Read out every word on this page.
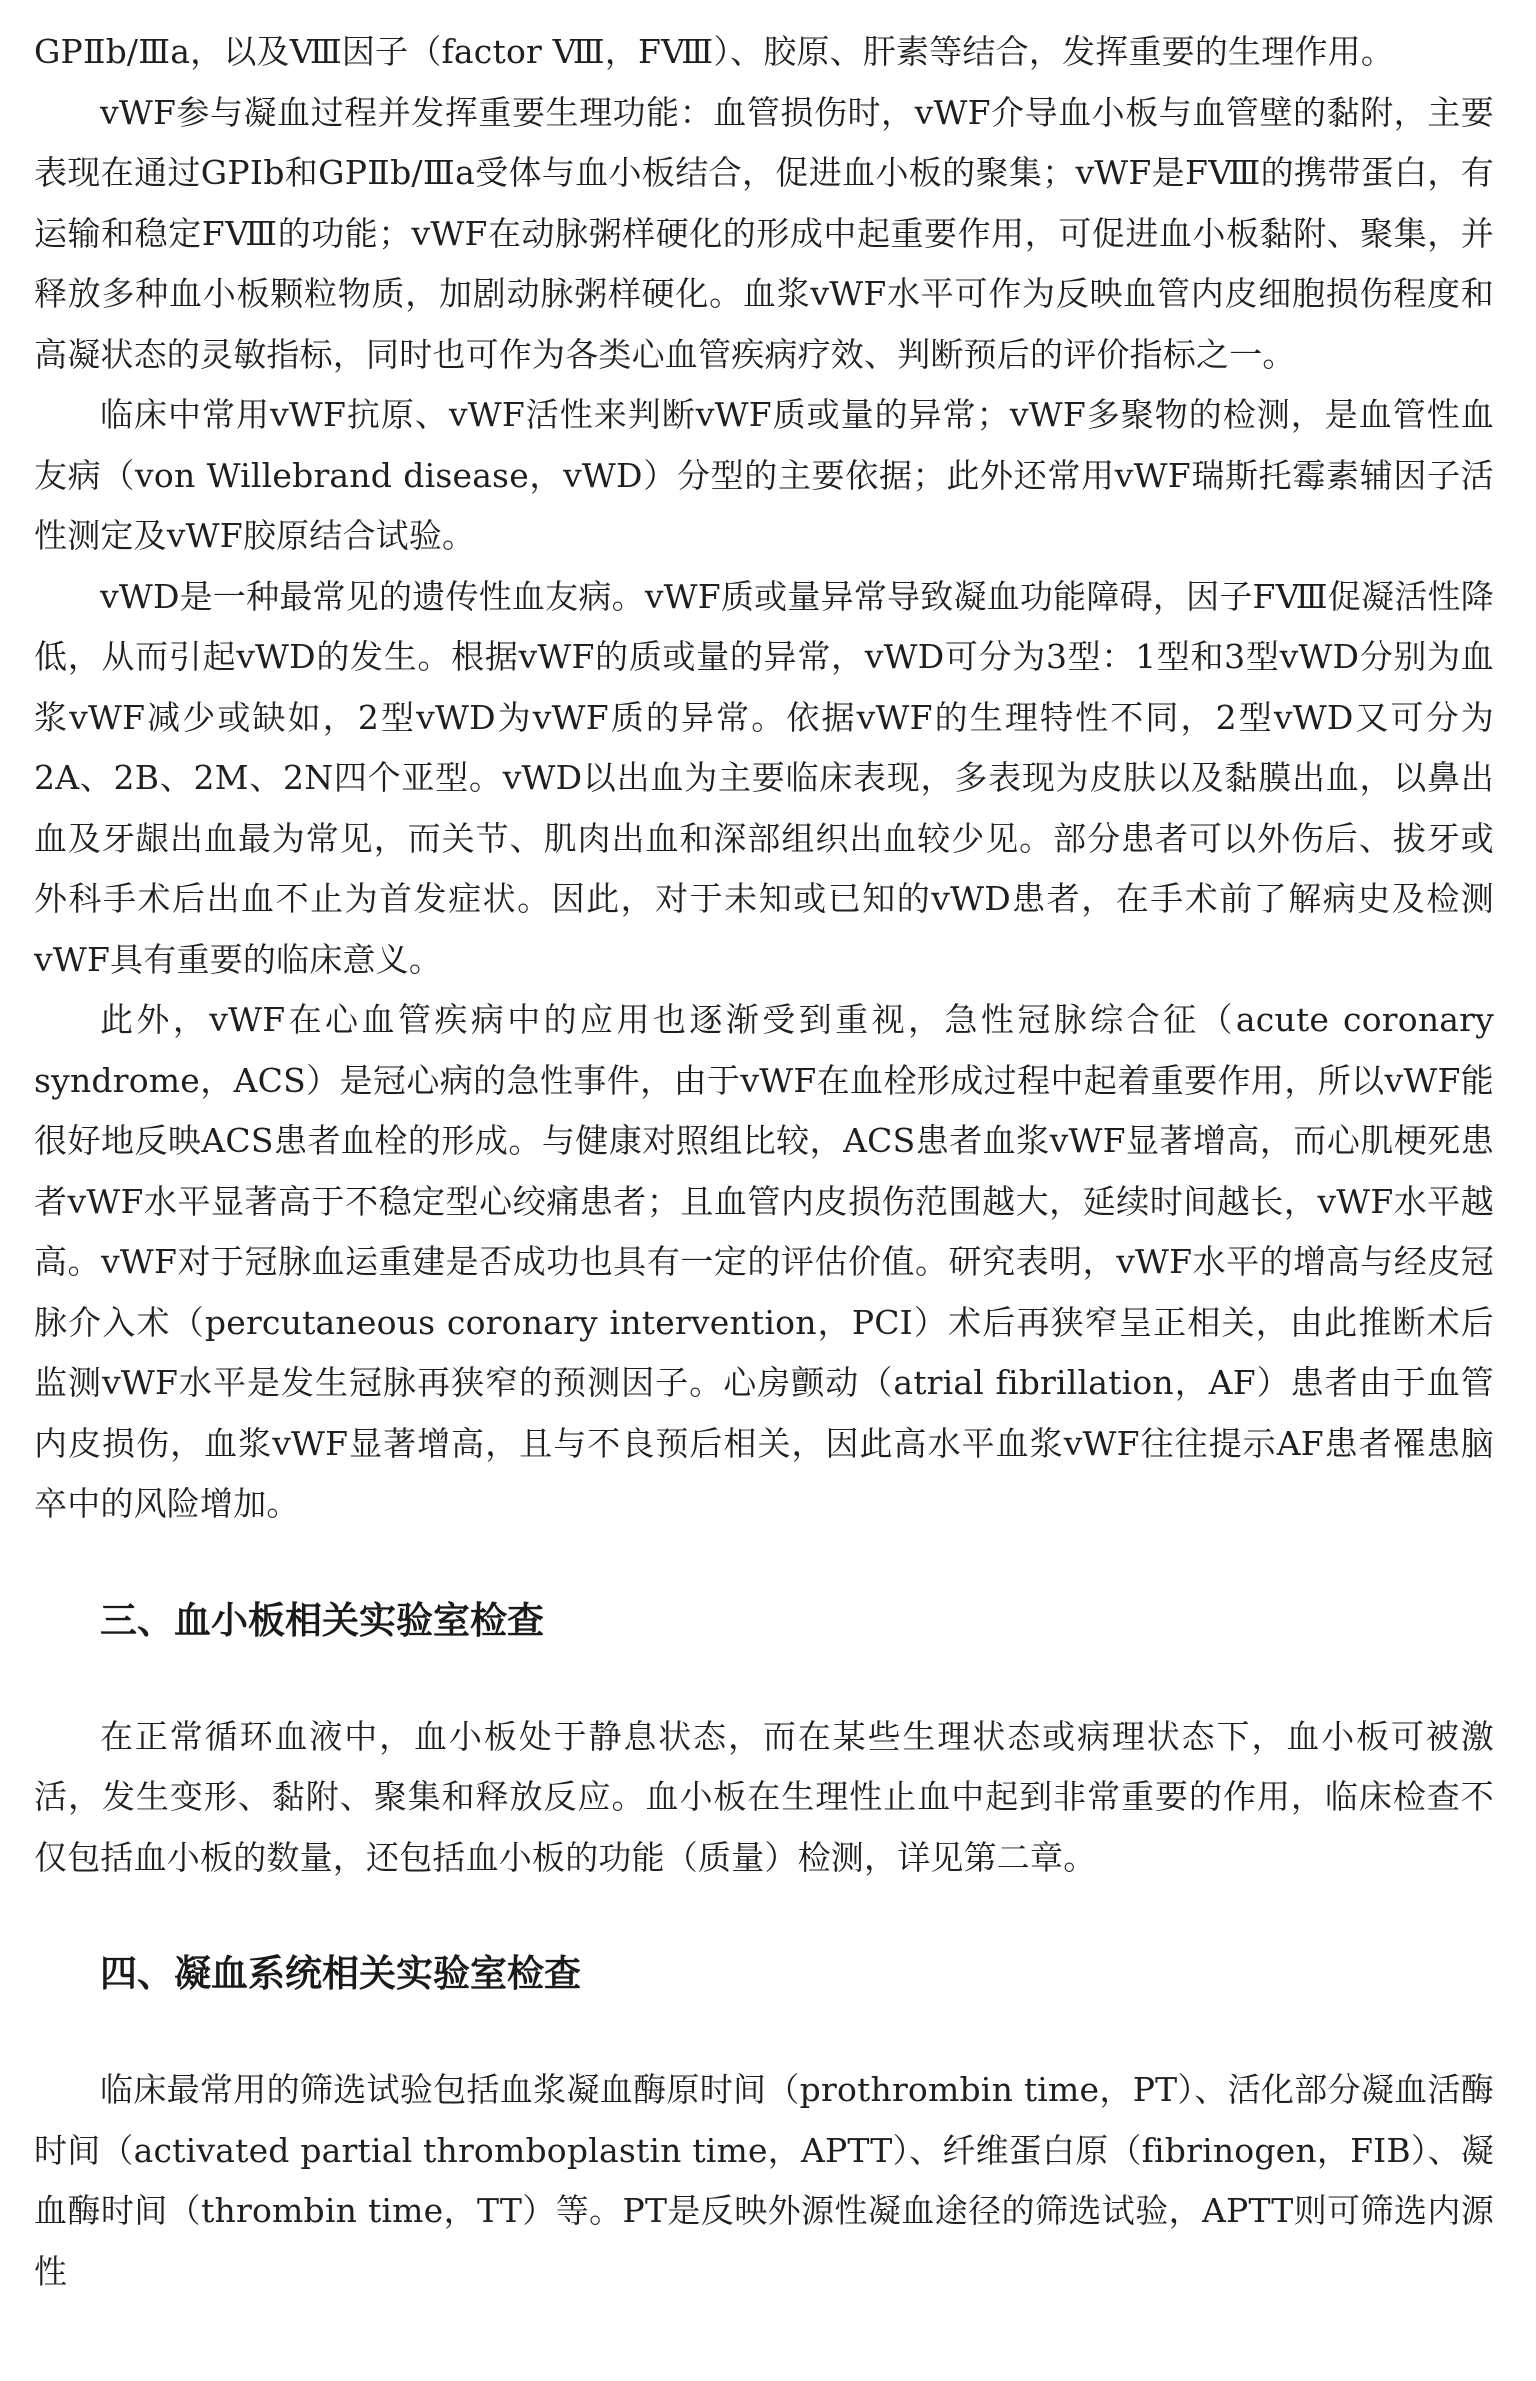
GPⅡb/Ⅲa，以及Ⅷ因子（factor Ⅷ，FⅧ）、胶原、肝素等结合，发挥重要的生理作用。

vWF参与凝血过程并发挥重要生理功能：血管损伤时，vWF介导血小板与血管壁的黏附，主要表现在通过GPⅠb和GPⅡb/Ⅲa受体与血小板结合，促进血小板的聚集；vWF是FⅧ的携带蛋白，有运输和稳定FⅧ的功能；vWF在动脉粥样硬化的形成中起重要作用，可促进血小板黏附、聚集，并释放多种血小板颗粒物质，加剧动脉粥样硬化。血浆vWF水平可作为反映血管内皮细胞损伤程度和高凝状态的灵敏指标，同时也可作为各类心血管疾病疗效、判断预后的评价指标之一。

临床中常用vWF抗原、vWF活性来判断vWF质或量的异常；vWF多聚物的检测，是血管性血友病（von Willebrand disease，vWD）分型的主要依据；此外还常用vWF瑞斯托霉素辅因子活性测定及vWF胶原结合试验。

vWD是一种最常见的遗传性血友病。vWF质或量异常导致凝血功能障碍，因子FⅧ促凝活性降低，从而引起vWD的发生。根据vWF的质或量的异常，vWD可分为3型：1型和3型vWD分别为血浆vWF减少或缺如，2型vWD为vWF质的异常。依据vWF的生理特性不同，2型vWD又可分为2A、2B、2M、2N四个亚型。vWD以出血为主要临床表现，多表现为皮肤以及黏膜出血，以鼻出血及牙龈出血最为常见，而关节、肌肉出血和深部组织出血较少见。部分患者可以外伤后、拔牙或外科手术后出血不止为首发症状。因此，对于未知或已知的vWD患者，在手术前了解病史及检测vWF具有重要的临床意义。

此外，vWF在心血管疾病中的应用也逐渐受到重视，急性冠脉综合征（acute coronary syndrome，ACS）是冠心病的急性事件，由于vWF在血栓形成过程中起着重要作用，所以vWF能很好地反映ACS患者血栓的形成。与健康对照组比较，ACS患者血浆vWF显著增高，而心肌梗死患者vWF水平显著高于不稳定型心绞痛患者；且血管内皮损伤范围越大，延续时间越长，vWF水平越高。vWF对于冠脉血运重建是否成功也具有一定的评估价值。研究表明，vWF水平的增高与经皮冠脉介入术（percutaneous coronary intervention，PCI）术后再狭窄呈正相关，由此推断术后监测vWF水平是发生冠脉再狭窄的预测因子。心房颤动（atrial fibrillation，AF）患者由于血管内皮损伤，血浆vWF显著增高，且与不良预后相关，因此高水平血浆vWF往往提示AF患者罹患脑卒中的风险增加。

三、血小板相关实验室检查

在正常循环血液中，血小板处于静息状态，而在某些生理状态或病理状态下，血小板可被激活，发生变形、黏附、聚集和释放反应。血小板在生理性止血中起到非常重要的作用，临床检查不仅包括血小板的数量，还包括血小板的功能（质量）检测，详见第二章。

四、凝血系统相关实验室检查

临床最常用的筛选试验包括血浆凝血酶原时间（prothrombin time，PT）、活化部分凝血活酶时间（activated partial thromboplastin time，APTT）、纤维蛋白原（fibrinogen，FIB）、凝血酶时间（thrombin time，TT）等。PT是反映外源性凝血途径的筛选试验，APTT则可筛选内源性
